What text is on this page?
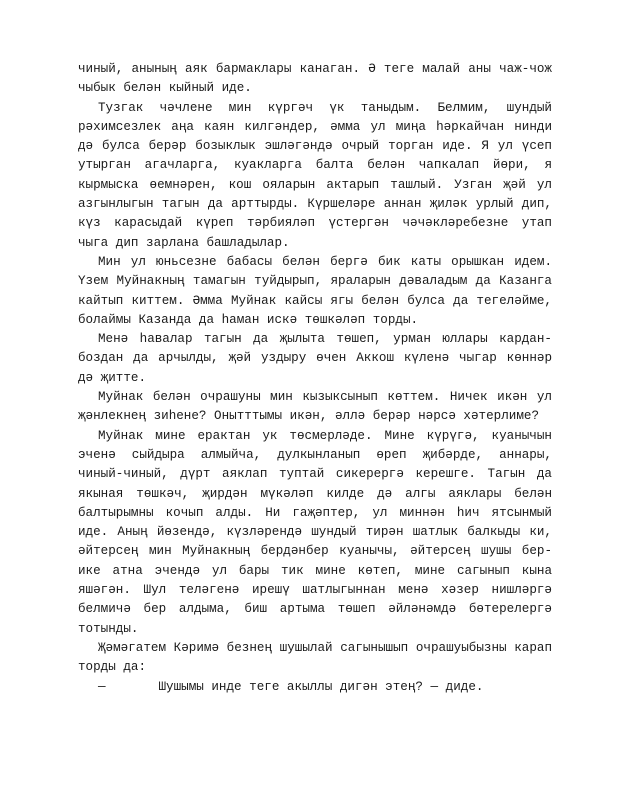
чиный, анының аяк бармаклары канаган. Ә теге малай аны чаж-чож чыбык белән кыйный иде.

Тузгак чәчлене мин күргәч үк таныдым. Белмим, шундый рәхимсезлек аңа каян килгәндер, әмма ул миңа һәркайчан нинди дә булса берәр бозыклык эшләгәндә очрый торган иде. Я ул үсеп утырган агачларга, куакларга балта белән чапкалап йөри, я кырмыска өемнәрен, кош ояларын актарып ташлый. Узган җәй ул азгынлыгын тагын да арттырды. Күршеләре аннан җиләк урлый дип, күз карасыдай күреп тәрбияләп үстергән чәчәкләребезне утап чыга дип зарлана башладылар.

Мин ул юньсезне бабасы белән бергә бик каты орышкан идем. Үзем Муйнакның тамагын туйдырып, яраларын дәваладым да Казанга кайтып киттем. Әмма Муйнак кайсы ягы белән булса да тегеләйме, болаймы Казанда да һаман искә төшкәләп торды.

Менә һавалар тагын да җылыта төшеп, урман юллары кардан-боздан да арчылды, җәй уздыру өчен Аккош күленә чыгар көннәр дә җитте.

Муйнак белән очрашуны мин кызыксынып көттем. Ничек икән ул җәнлекнең зиһене? Онытттымы икән, әллә берәр нәрсә хәтерлиме?

Муйнак мине ерактан ук төсмерләде. Мине күрүгә, куанычын эченә сыйдыра алмыйча, дулкынланып өреп җибәрде, аннары, чиный-чиный, дүрт аяклап туптай сикерергә керешге. Тагын да якыная төшкәч, җирдән мүкәләп килде дә алгы аяклары белән балтырымны кочып алды. Ни гаҗәптер, ул миннән һич ятсынмый иде. Аның йөзендә, күзләрендә шундый тирән шатлык балкыды ки, әйтерсең мин Муйнакның бердәнбер куанычы, әйтерсең шушы бер-ике атна эчендә ул бары тик мине көтеп, мине сагынып кына яшәгән. Шул теләгенә ирешү шатлыгыннан менә хәзер нишләргә белмичә бер алдыма, биш артыма төшеп әйләнәмдә бөтерелергә тотынды.

Җәмәгатем Кәримә безнең шушылай сагынышып очрашуыбызны карап торды да:

—       Шушымы инде теге акыллы дигән этең? — диде.
